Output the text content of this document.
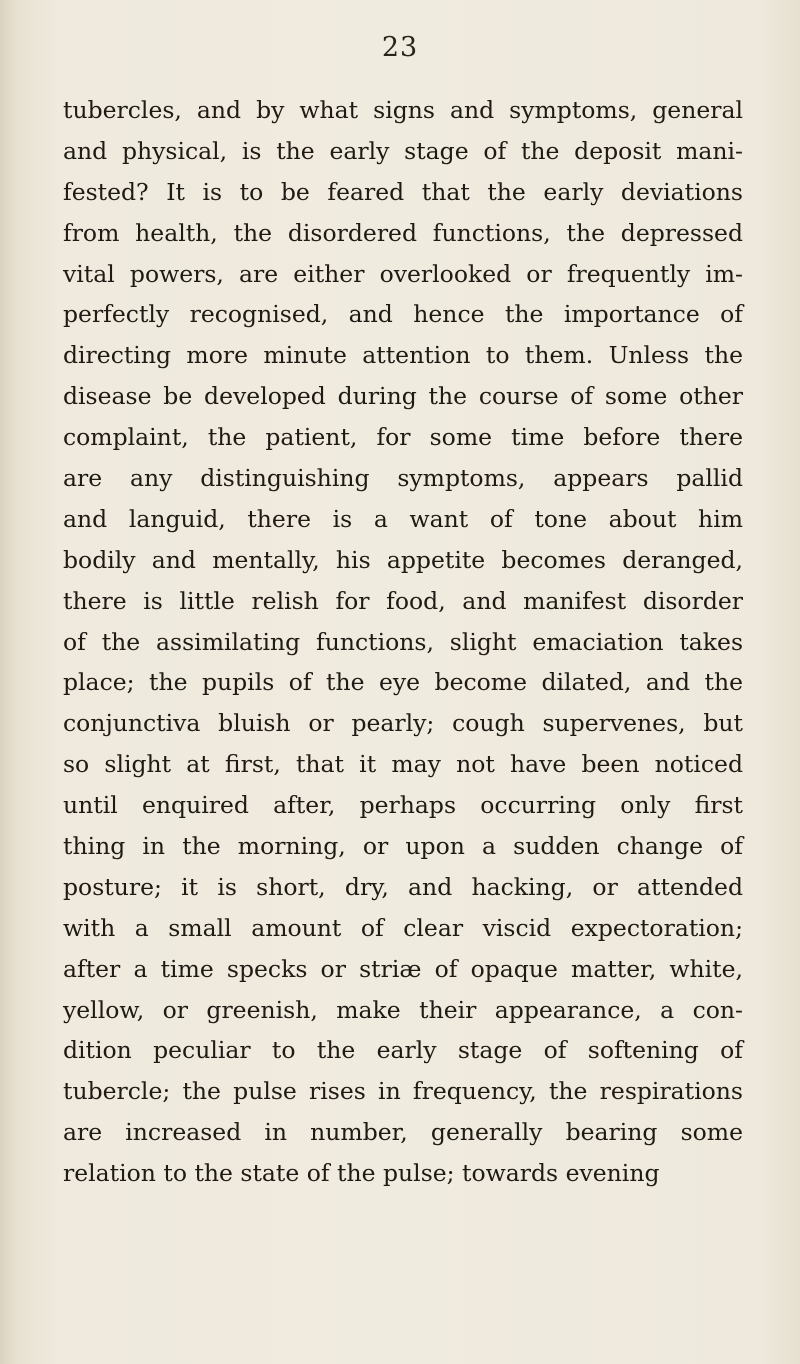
23
tubercles, and by what signs and symptoms, general
and physical, is the early stage of the deposit mani-
fested? It is to be feared that the early deviations
from health, the disordered functions, the depressed
vital powers, are either overlooked or frequently im-
perfectly recognised, and hence the importance of
directing more minute attention to them. Unless the
disease be developed during the course of some other
complaint, the patient, for some time before there
are any distinguishing symptoms, appears pallid
and languid, there is a want of tone about him
bodily and mentally, his appetite becomes deranged,
there is little relish for food, and manifest disorder
of the assimilating functions, slight emaciation takes
place; the pupils of the eye become dilated, and the
conjunctiva bluish or pearly; cough supervenes, but
so slight at first, that it may not have been noticed
until enquired after, perhaps occurring only first
thing in the morning, or upon a sudden change of
posture; it is short, dry, and hacking, or attended
with a small amount of clear viscid expectoration;
after a time specks or striæ of opaque matter, white,
yellow, or greenish, make their appearance, a con-
dition peculiar to the early stage of softening of
tubercle; the pulse rises in frequency, the respirations
are increased in number, generally bearing some
relation to the state of the pulse; towards evening
